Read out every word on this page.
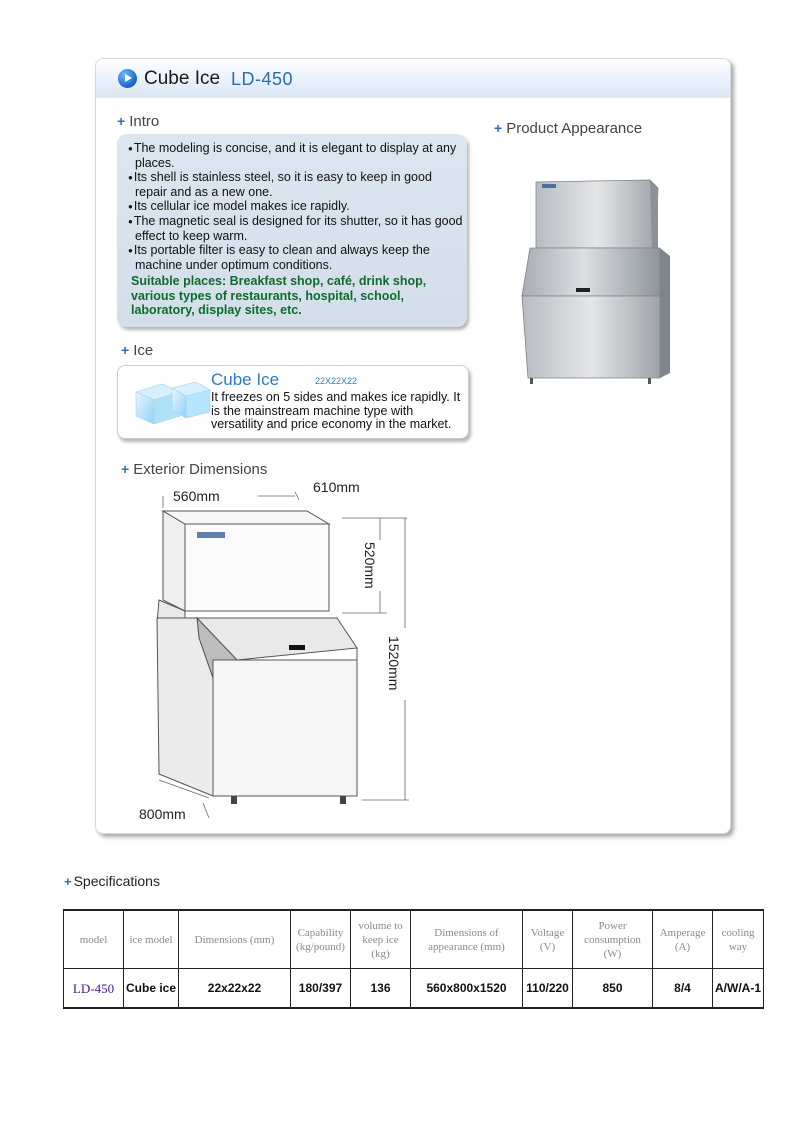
Cube Ice LD-450
+ Intro
● The modeling is concise, and it is elegant to display at any places.
● Its shell is stainless steel, so it is easy to keep in good repair and as a new one.
● Its cellular ice model makes ice rapidly.
● The magnetic seal is designed for its shutter, so it has good effect to keep warm.
● Its portable filter is easy to clean and always keep the machine under optimum conditions.
Suitable places: Breakfast shop, café, drink shop, various types of restaurants, hospital, school, laboratory, display sites, etc.
+ Product Appearance
+ Ice
Cube Ice	22X22X22
It freezes on 5 sides and makes ice rapidly. It is the mainstream machine type with versatility and price economy in the market.
+ Exterior Dimensions
560mm
610mm
520mm
1520mm
800mm
+ Specifications
model	ice model	Dimensions (mm)	Capability (kg/pound)	volume to keep ice (kg)	Dimensions of appearance (mm)	Voltage (V)	Power consumption (W)	Amperage (A)	cooling way
LD-450	Cube ice	22x22x22	180/397	136	560x800x1520	110/220	850	8/4	A/W/A-1
